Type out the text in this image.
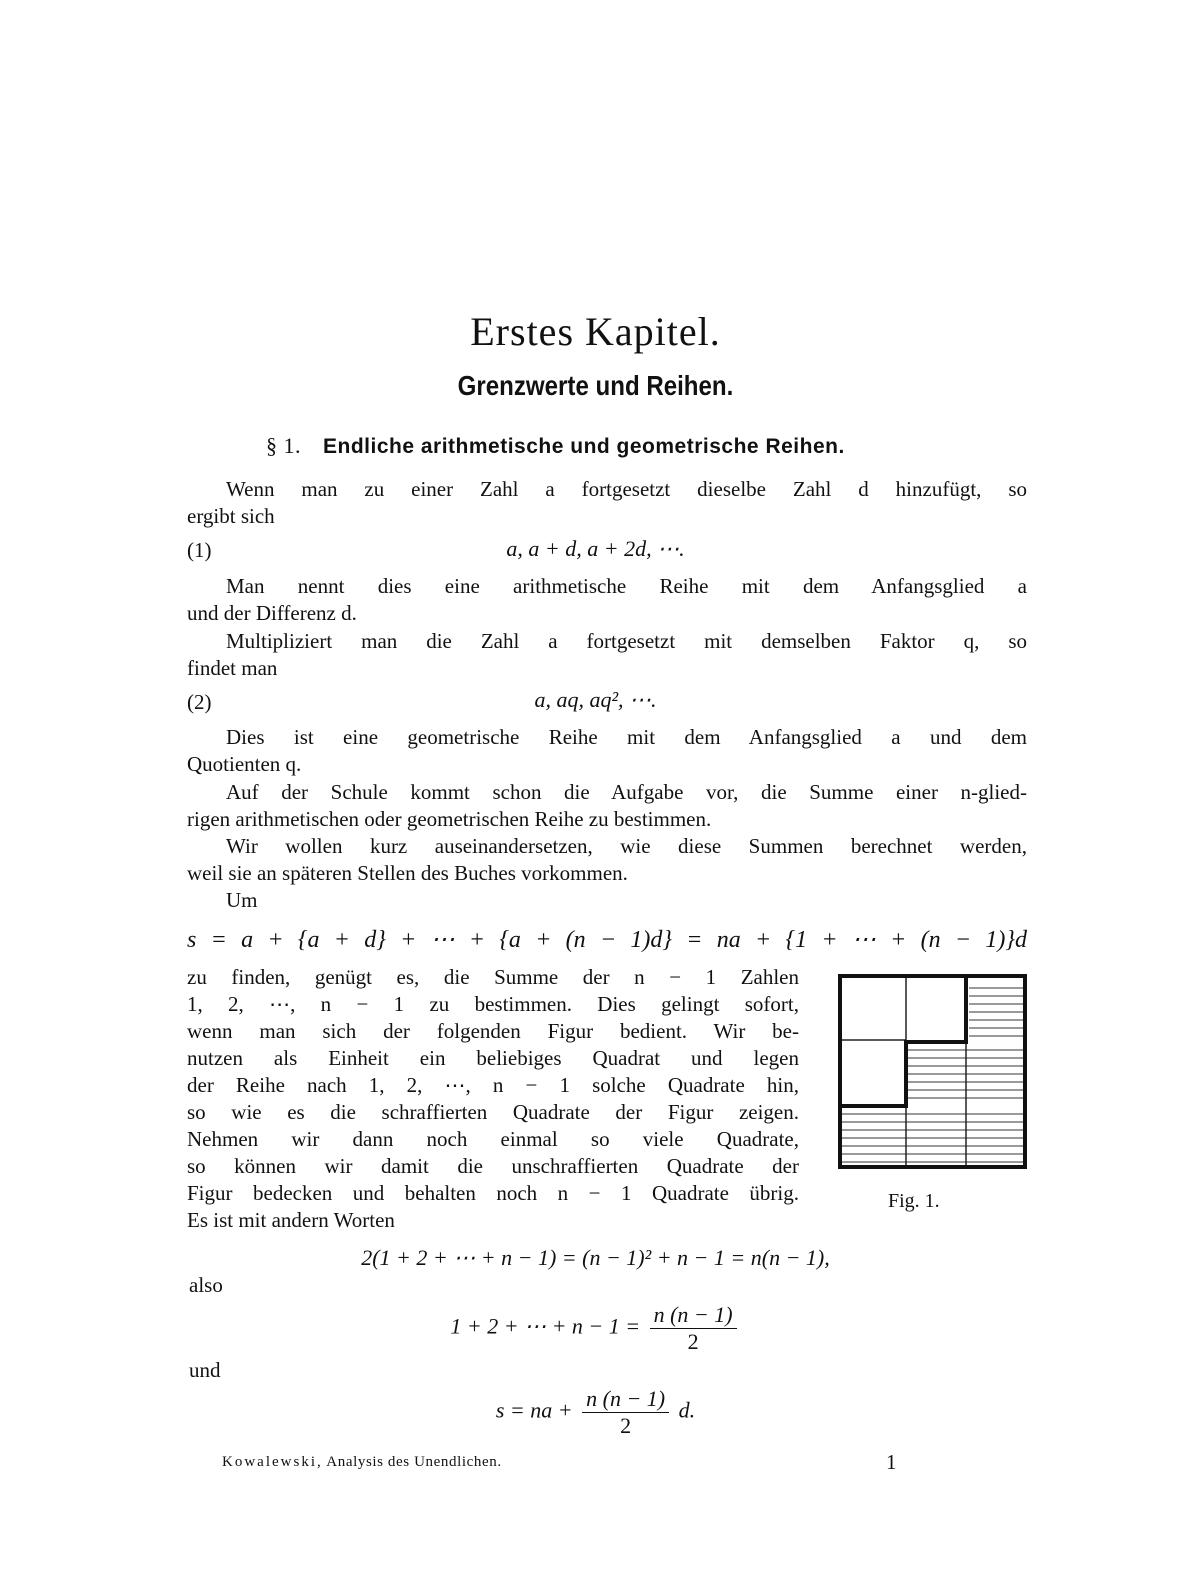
Erstes Kapitel.
Grenzwerte und Reihen.
§ 1. Endliche arithmetische und geometrische Reihen.
Wenn man zu einer Zahl a fortgesetzt dieselbe Zahl d hinzufügt, so
ergibt sich
(1)	a, a + d, a + 2d, ⋯.
Man nennt dies eine arithmetische Reihe mit dem Anfangsglied a
und der Differenz d.
Multipliziert man die Zahl a fortgesetzt mit demselben Faktor q, so
findet man
(2)	a, aq, aq², ⋯.
Dies ist eine geometrische Reihe mit dem Anfangsglied a und dem
Quotienten q.
Auf der Schule kommt schon die Aufgabe vor, die Summe einer n-glied-
rigen arithmetischen oder geometrischen Reihe zu bestimmen.
Wir wollen kurz auseinandersetzen, wie diese Summen berechnet werden,
weil sie an späteren Stellen des Buches vorkommen.
Um
s = a + {a + d} + ⋯ + {a + (n − 1)d} = na + {1 + ⋯ + (n − 1)}d
zu finden, genügt es, die Summe der n − 1 Zahlen
1, 2, ⋯, n − 1 zu bestimmen. Dies gelingt sofort,
wenn man sich der folgenden Figur bedient. Wir be-
nutzen als Einheit ein beliebiges Quadrat und legen
der Reihe nach 1, 2, ⋯, n − 1 solche Quadrate hin,
so wie es die schraffierten Quadrate der Figur zeigen.
Nehmen wir dann noch einmal so viele Quadrate,
so können wir damit die unschraffierten Quadrate der
Figur bedecken und behalten noch n − 1 Quadrate übrig.
Es ist mit andern Worten
Fig. 1.
2(1 + 2 + ⋯ + n − 1) = (n − 1)² + n − 1 = n(n − 1),
also
1 + 2 + ⋯ + $n - 1 = \frac{n (n - 1)}{2}$
und
s = na + $\frac{n (n - 1)}{2} d$.
Kowalewski, Analysis des Unendlichen.	1
